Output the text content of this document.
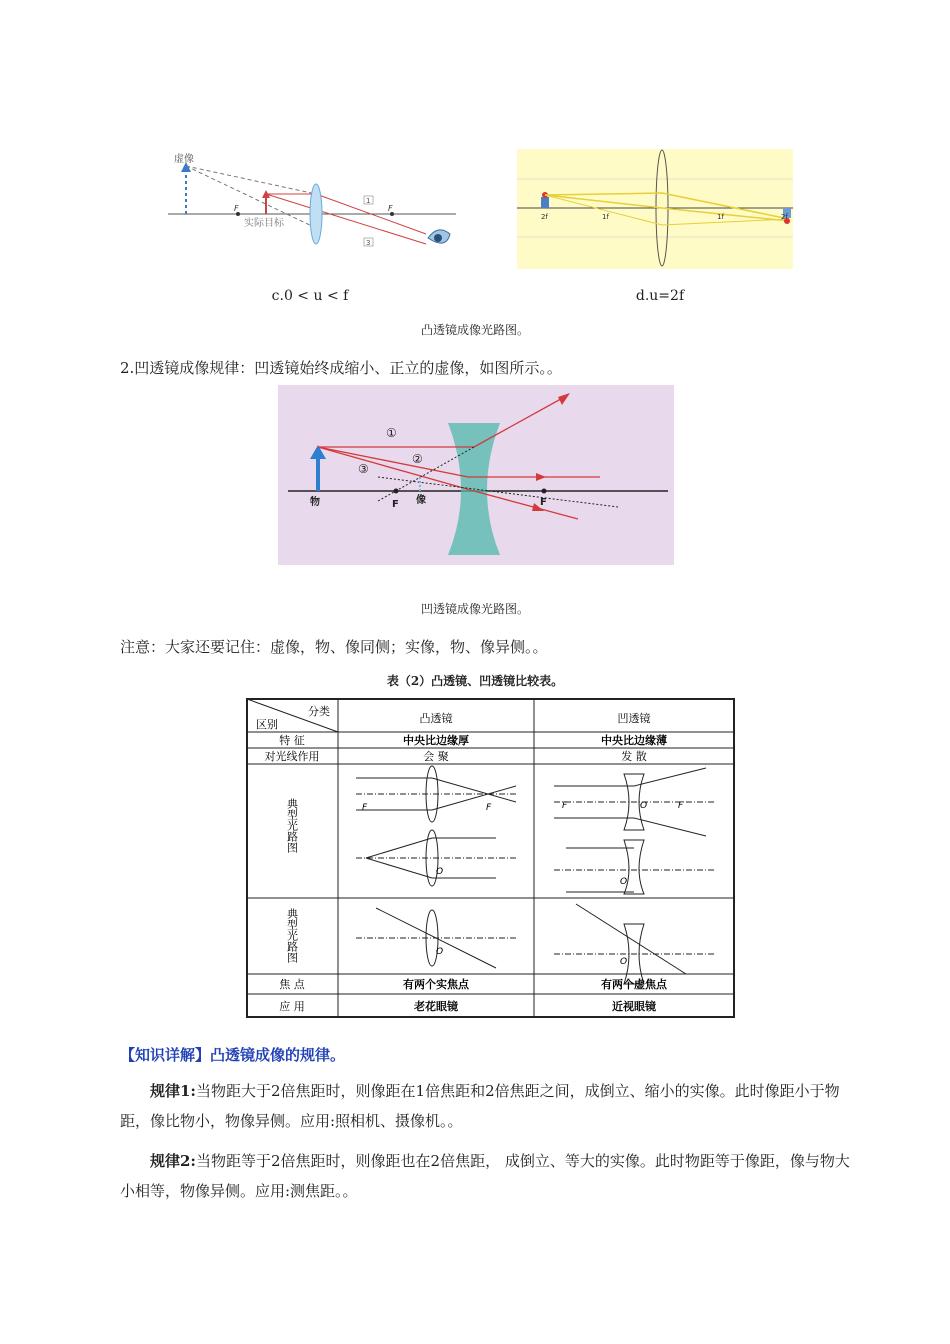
虚像
实际目标
F	F
1
3
2f	1f	1f	2f
c.0 < u < f	d.u=2f
凸透镜成像光路图。
2.凹透镜成像规律：凹透镜始终成缩小、正立的虚像，如图所示。。
①
②
③
物	F 像	F
凹透镜成像光路图。
注意：大家还要记住：虚像，物、像同侧；实像，物、像异侧。。
表（2）凸透镜、凹透镜比较表。
分类
区别	凸透镜	凹透镜
特 征	中央比边缘厚	中央比边缘薄
对光线作用	会 聚	发 散
典型光路图
典型光路图
F	F
O
O
F	F
O
O
O
焦 点	有两个实焦点	有两个虚焦点
应 用	老花眼镜	近视眼镜
【知识详解】凸透镜成像的规律。
规律1:当物距大于2倍焦距时，则像距在1倍焦距和2倍焦距之间，成倒立、缩小的实像。此时像距小于物距，像比物小，物像异侧。应用:照相机、摄像机。。
规律2:当物距等于2倍焦距时，则像距也在2倍焦距， 成倒立、等大的实像。此时物距等于像距，像与物大小相等，物像异侧。应用:测焦距。。
